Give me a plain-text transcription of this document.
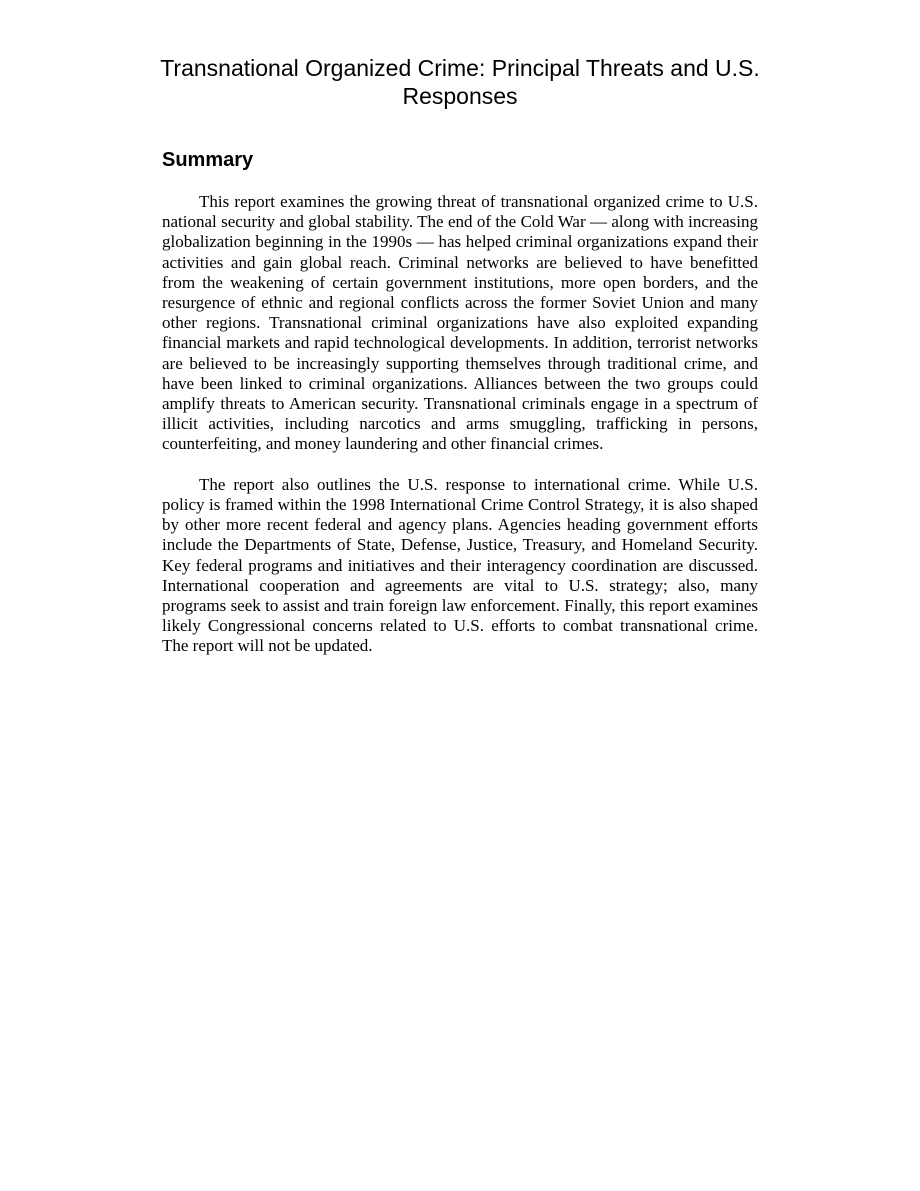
Transnational Organized Crime: Principal Threats and U.S. Responses
Summary

This report examines the growing threat of transnational organized crime to U.S. national security and global stability. The end of the Cold War — along with increasing globalization beginning in the 1990s — has helped criminal organizations expand their activities and gain global reach. Criminal networks are believed to have benefitted from the weakening of certain government institutions, more open borders, and the resurgence of ethnic and regional conflicts across the former Soviet Union and many other regions. Transnational criminal organizations have also exploited expanding financial markets and rapid technological developments. In addition, terrorist networks are believed to be increasingly supporting themselves through traditional crime, and have been linked to criminal organizations. Alliances between the two groups could amplify threats to American security. Transnational criminals engage in a spectrum of illicit activities, including narcotics and arms smuggling, trafficking in persons, counterfeiting, and money laundering and other financial crimes.

The report also outlines the U.S. response to international crime. While U.S. policy is framed within the 1998 International Crime Control Strategy, it is also shaped by other more recent federal and agency plans. Agencies heading government efforts include the Departments of State, Defense, Justice, Treasury, and Homeland Security. Key federal programs and initiatives and their interagency coordination are discussed. International cooperation and agreements are vital to U.S. strategy; also, many programs seek to assist and train foreign law enforcement. Finally, this report examines likely Congressional concerns related to U.S. efforts to combat transnational crime. The report will not be updated.
